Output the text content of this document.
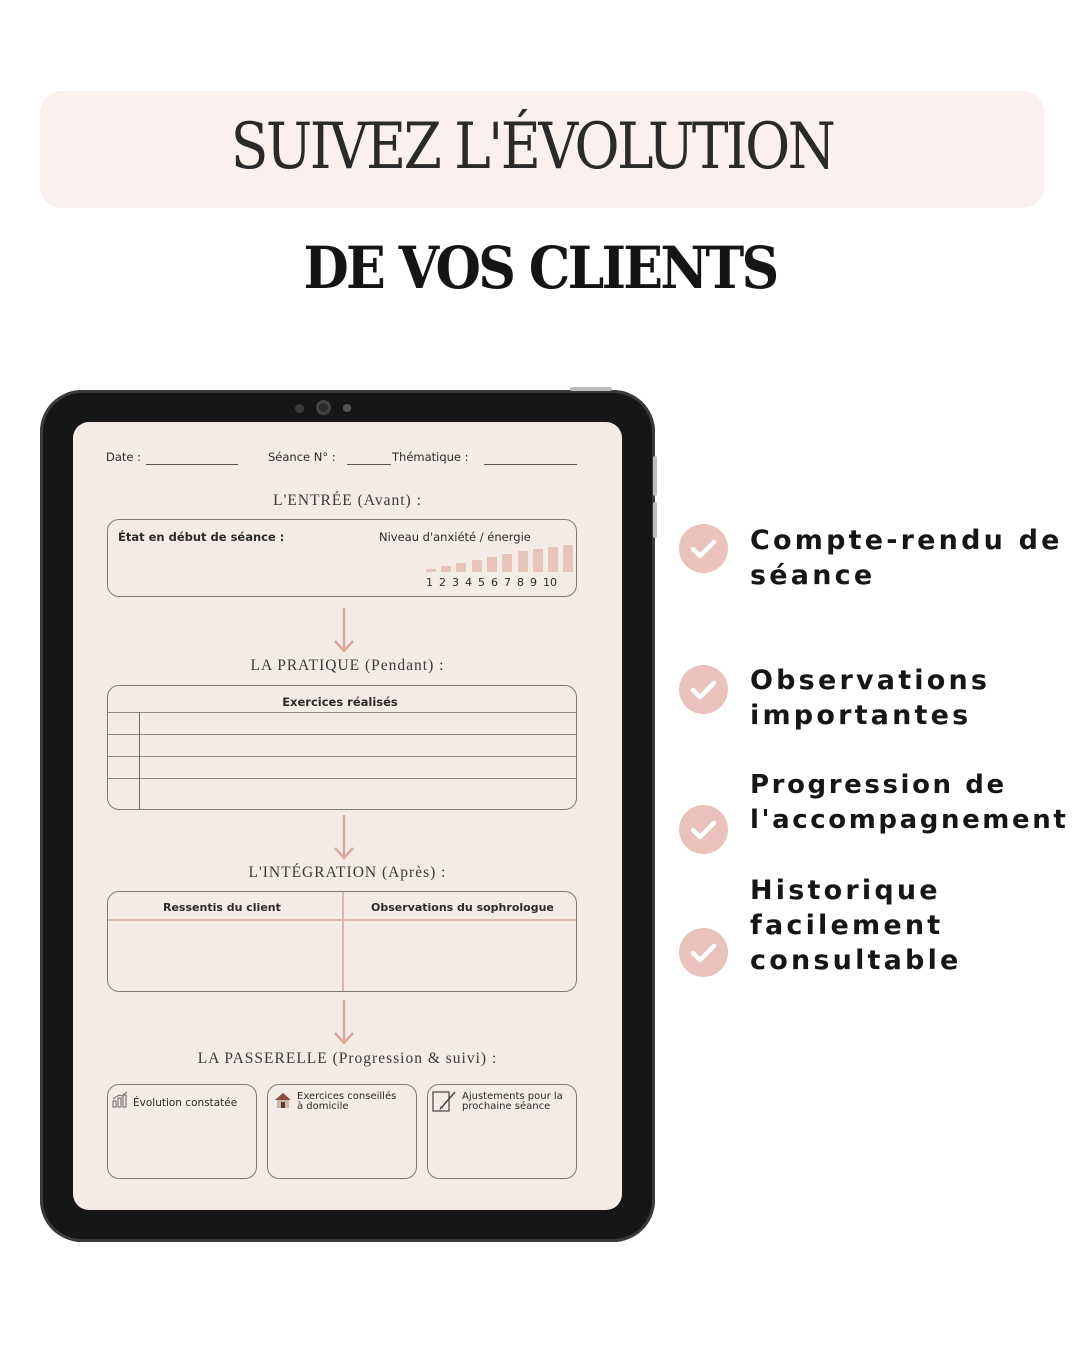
SUIVEZ L'ÉVOLUTION
DE VOS CLIENTS
Date :	Séance N° :	Thématique :
L'ENTRÉE (Avant) :
État en début de séance :	Niveau d'anxiété / énergie
1 2 3 4 5 6 7 8 9 10
LA PRATIQUE (Pendant) :
Exercices réalisés
L'INTÉGRATION (Après) :
Ressentis du client	Observations du sophrologue
LA PASSERELLE (Progression & suivi) :
Évolution constatée
Exercices conseillés
à domicile
Ajustements pour la
prochaine séance
Compte-rendu de
séance
Observations
importantes
Progression de
l'accompagnement
Historique
facilement
consultable
